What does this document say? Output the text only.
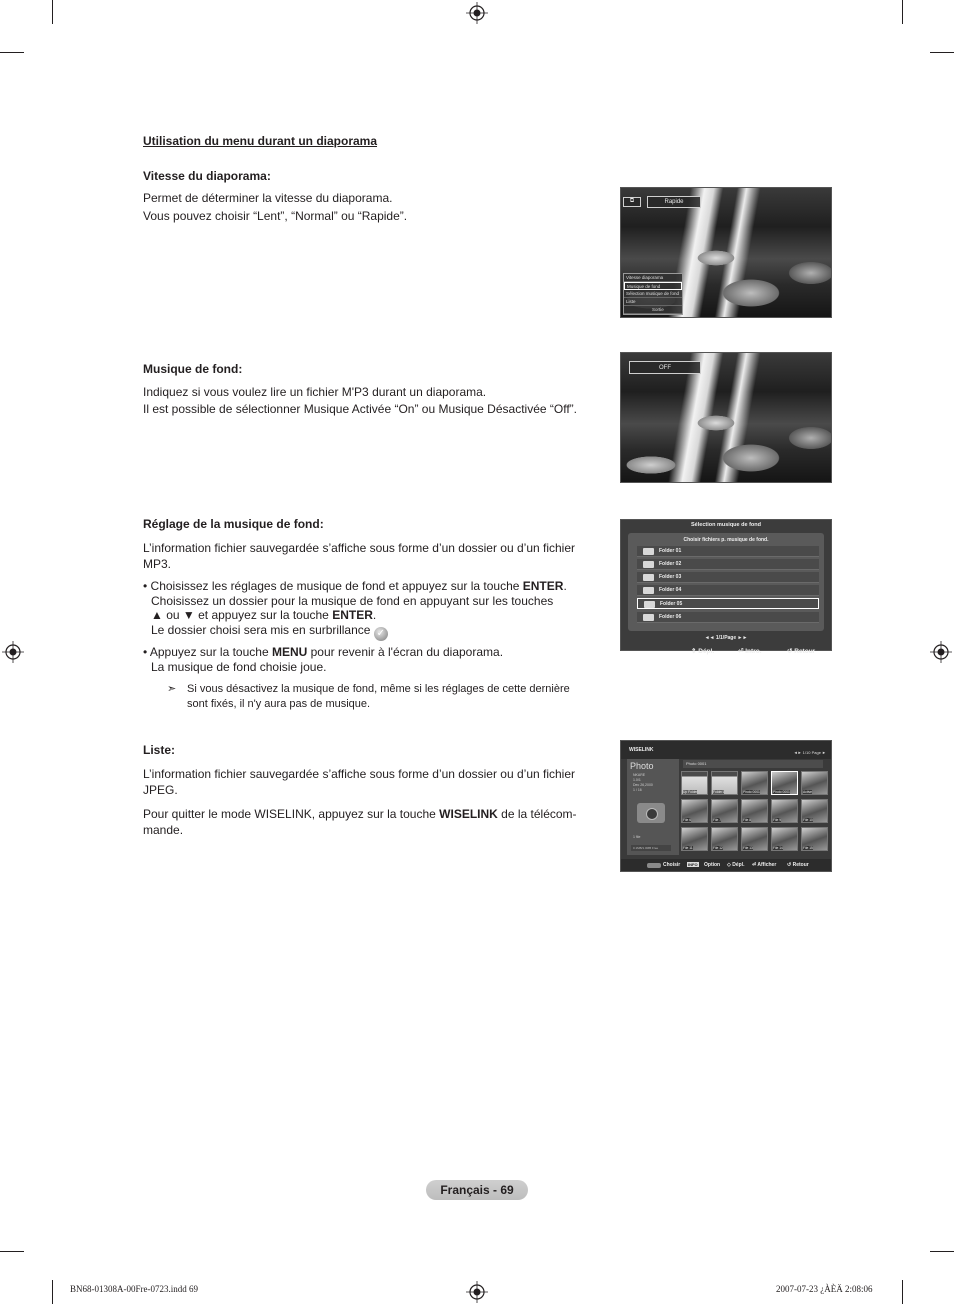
Utilisation du menu durant un diaporama
Vitesse du diaporama:
Permet de déterminer la vitesse du diaporama.
Vous pouvez choisir “Lent”, “Normal” ou “Rapide”.
⧉	Rapide
Vitesse diaporama
Musique de fond
Sélection musique de fond
Liste
Sortie
Musique de fond:
Indiquez si vous voulez lire un fichier M'P3 durant un diaporama.
Il est possible de sélectionner Musique Activée “On” ou Musique Désactivée “Off”.
OFF
Réglage de la musique de fond:
L’information fichier sauvegardée s’affiche sous forme d’un dossier ou d’un fichier
MP3.
• Choisissez les réglages de musique de fond et appuyez sur la touche ENTER.
Choisissez un dossier pour la musique de fond en appuyant sur les touches
▲ ou ▼ et appuyez sur la touche ENTER.
Le dossier choisi sera mis en surbrillance ✓
• Appuyez sur la touche MENU pour revenir à l'écran du diaporama.
La musique de fond choisie joue.
➣ Si vous désactivez la musique de fond, même si les réglages de cette dernière
sont fixés, il n'y aura pas de musique.
Sélection musique de fond
Choisir fichiers p. musique de fond.
Folder 01
Folder 02
Folder 03
Folder 04
Folder 05
Folder 06
◄◄ 1/1/Page ►►
⇕ Dépl.	⏎ Intro.	↺ Retour
Liste:
L’information fichier sauvegardée s’affiche sous forme d’un dossier ou d’un fichier
JPEG.
Pour quitter le mode WISELINK, appuyez sur la touche WISELINK de la télécom-
mande.
WISELINK	◄► 1/10 Page ►
Photo
NKARE
1.0/1
Dec 26,2000
1 / 16
1 file
0.1MB/1.0MB Free
Photo 0001
Up Folder	Folder1	Photo 0001	Photo 0001	Active
File 6	File 7	File 8	File 9	File 10
File 11	File 12	File 13	File 14	File 15
Choisir INFO Option ◇ Dépl. ⏎ Afficher ↺ Retour
Français - 69
BN68-01308A-00Fre-0723.indd 69	2007-07-23 ¿ÀÈÄ 2:08:06
